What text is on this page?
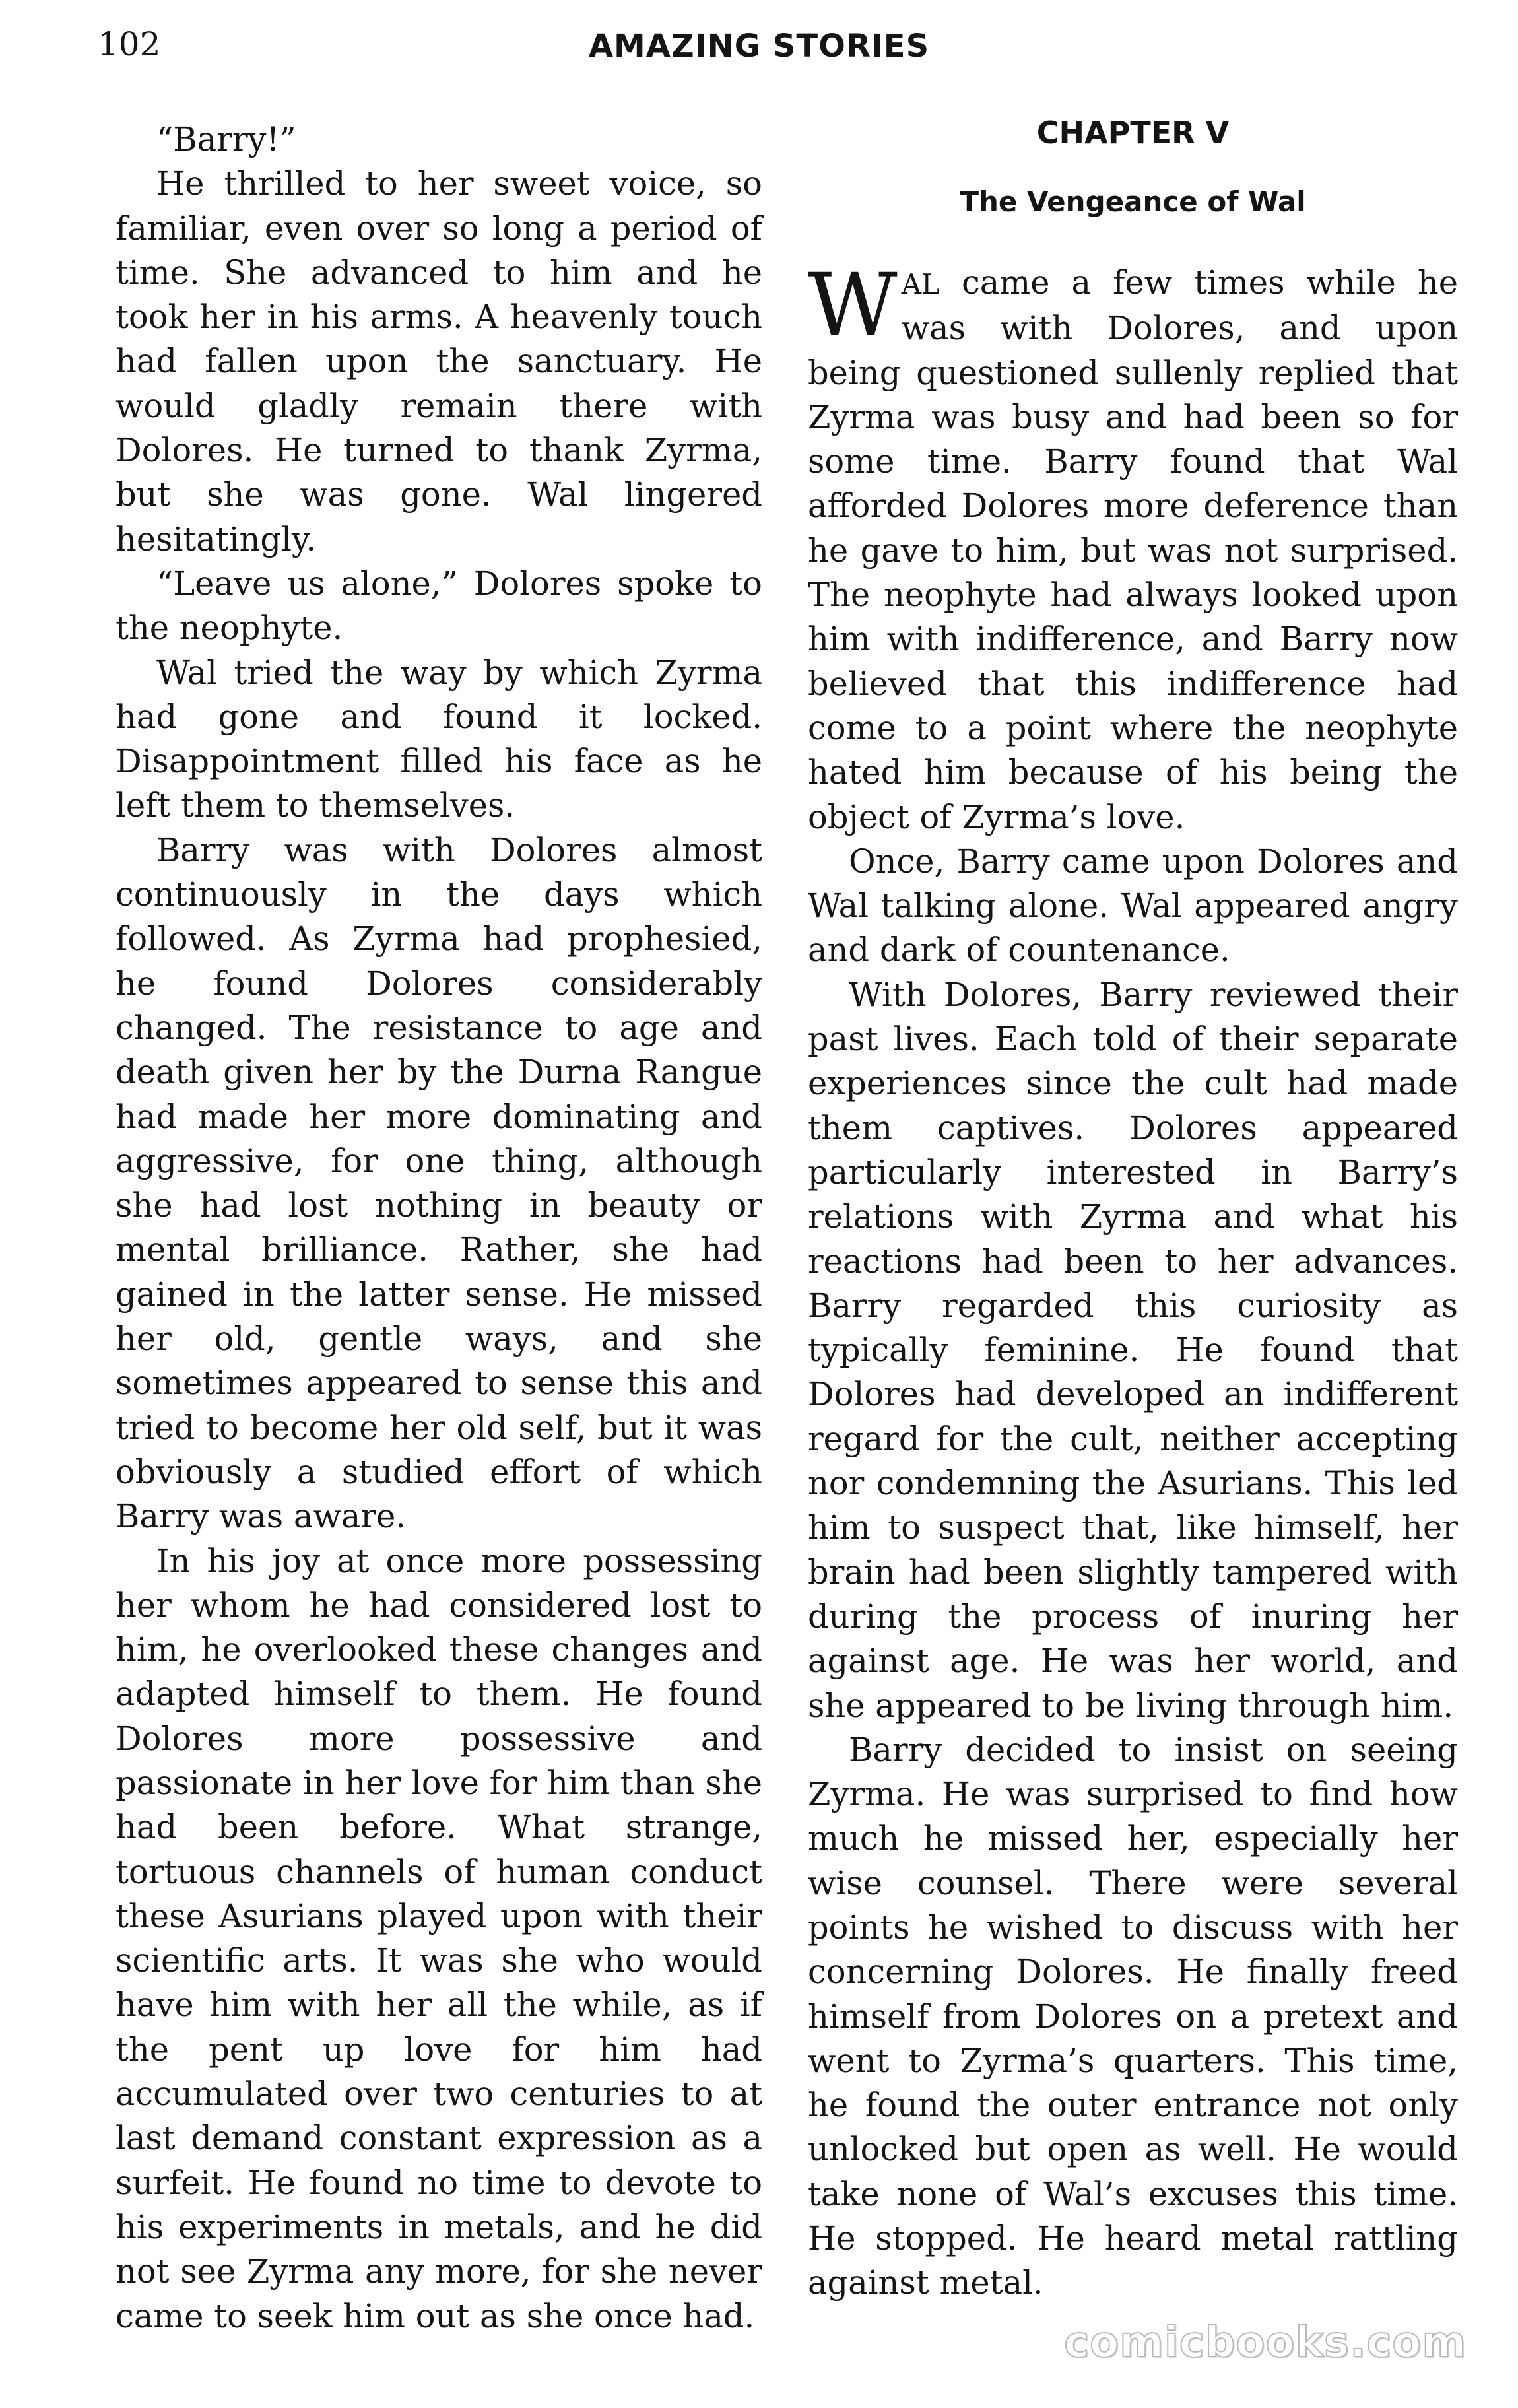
102	AMAZING STORIES

“Barry!”

He thrilled to her sweet voice, so familiar, even over so long a period of time. She advanced to him and he took her in his arms. A heavenly touch had fallen upon the sanctuary. He would gladly remain there with Dolores. He turned to thank Zyrma, but she was gone. Wal lingered hesitatingly.

“Leave us alone,” Dolores spoke to the neophyte.

Wal tried the way by which Zyrma had gone and found it locked. Disappointment filled his face as he left them to themselves.

Barry was with Dolores almost continuously in the days which followed. As Zyrma had prophesied, he found Dolores considerably changed. The resistance to age and death given her by the Durna Rangue had made her more dominating and aggressive, for one thing, although she had lost nothing in beauty or mental brilliance. Rather, she had gained in the latter sense. He missed her old, gentle ways, and she sometimes appeared to sense this and tried to become her old self, but it was obviously a studied effort of which Barry was aware.

In his joy at once more possessing her whom he had considered lost to him, he overlooked these changes and adapted himself to them. He found Dolores more possessive and passionate in her love for him than she had been before. What strange, tortuous channels of human conduct these Asurians played upon with their scientific arts. It was she who would have him with her all the while, as if the pent up love for him had accumulated over two centuries to at last demand constant expression as a surfeit. He found no time to devote to his experiments in metals, and he did not see Zyrma any more, for she never came to seek him out as she once had.

CHAPTER V
The Vengeance of Wal

WAL came a few times while he was with Dolores, and upon being questioned sullenly replied that Zyrma was busy and had been so for some time. Barry found that Wal afforded Dolores more deference than he gave to him, but was not surprised. The neophyte had always looked upon him with indifference, and Barry now believed that this indifference had come to a point where the neophyte hated him because of his being the object of Zyrma’s love.

Once, Barry came upon Dolores and Wal talking alone. Wal appeared angry and dark of countenance.

With Dolores, Barry reviewed their past lives. Each told of their separate experiences since the cult had made them captives. Dolores appeared particularly interested in Barry’s relations with Zyrma and what his reactions had been to her advances. Barry regarded this curiosity as typically feminine. He found that Dolores had developed an indifferent regard for the cult, neither accepting nor condemning the Asurians. This led him to suspect that, like himself, her brain had been slightly tampered with during the process of inuring her against age. He was her world, and she appeared to be living through him.

Barry decided to insist on seeing Zyrma. He was surprised to find how much he missed her, especially her wise counsel. There were several points he wished to discuss with her concerning Dolores. He finally freed himself from Dolores on a pretext and went to Zyrma’s quarters. This time, he found the outer entrance not only unlocked but open as well. He would take none of Wal’s excuses this time. He stopped. He heard metal rattling against metal.

comicbooks.com
